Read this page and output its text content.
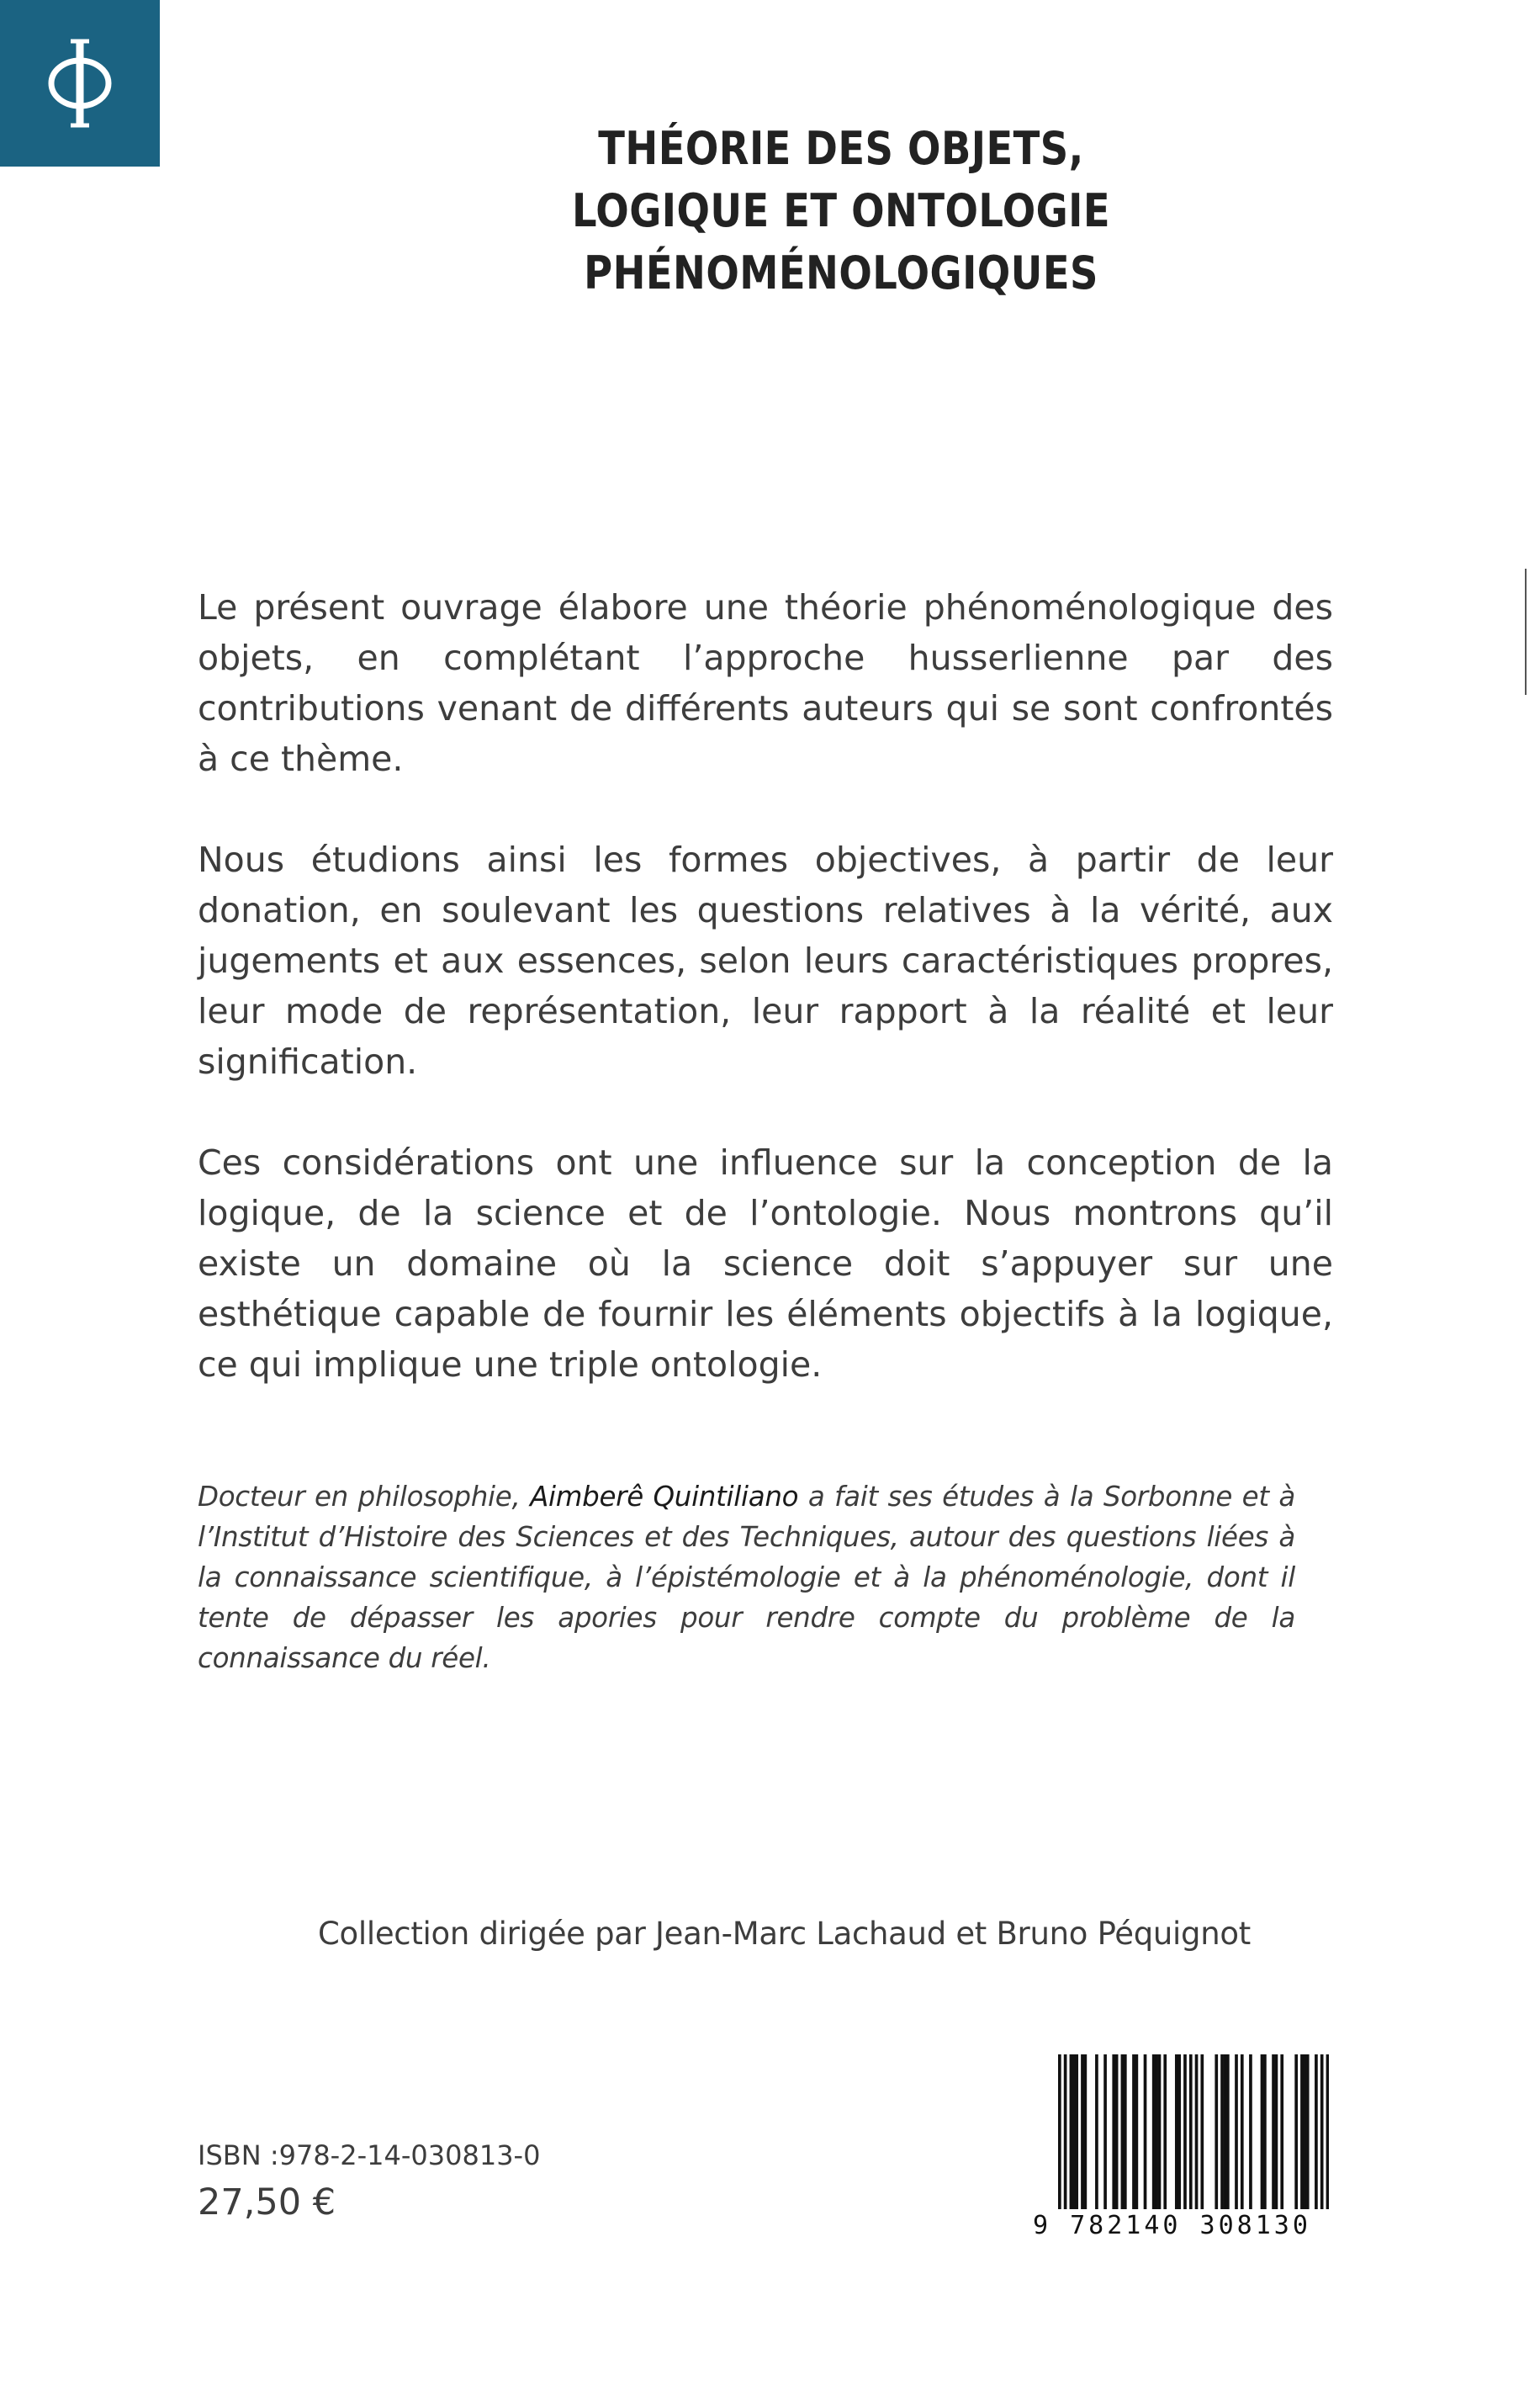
THÉORIE DES OBJETS,
LOGIQUE ET ONTOLOGIE
PHÉNOMÉNOLOGIQUES

Le présent ouvrage élabore une théorie phénoménologique des objets, en complétant l’approche husserlienne par des contributions venant de différents auteurs qui se sont confrontés à ce thème.

Nous étudions ainsi les formes objectives, à partir de leur donation, en soulevant les questions relatives à la vérité, aux jugements et aux essences, selon leurs caractéristiques propres, leur mode de représentation, leur rapport à la réalité et leur signification.

Ces considérations ont une influence sur la conception de la logique, de la science et de l’ontologie. Nous montrons qu’il existe un domaine où la science doit s’appuyer sur une esthétique capable de fournir les éléments objectifs à la logique, ce qui implique une triple ontologie.

Docteur en philosophie, Aimberê Quintiliano a fait ses études à la Sorbonne et à l’Institut d’Histoire des Sciences et des Techniques, autour des questions liées à la connaissance scientifique, à l’épistémologie et à la phénoménologie, dont il tente de dépasser les apories pour rendre compte du problème de la connaissance du réel.
Collection dirigée par Jean-Marc Lachaud et Bruno Péquignot
ISBN :978-2-14-030813-0
27,50 €
9 782140 308130
